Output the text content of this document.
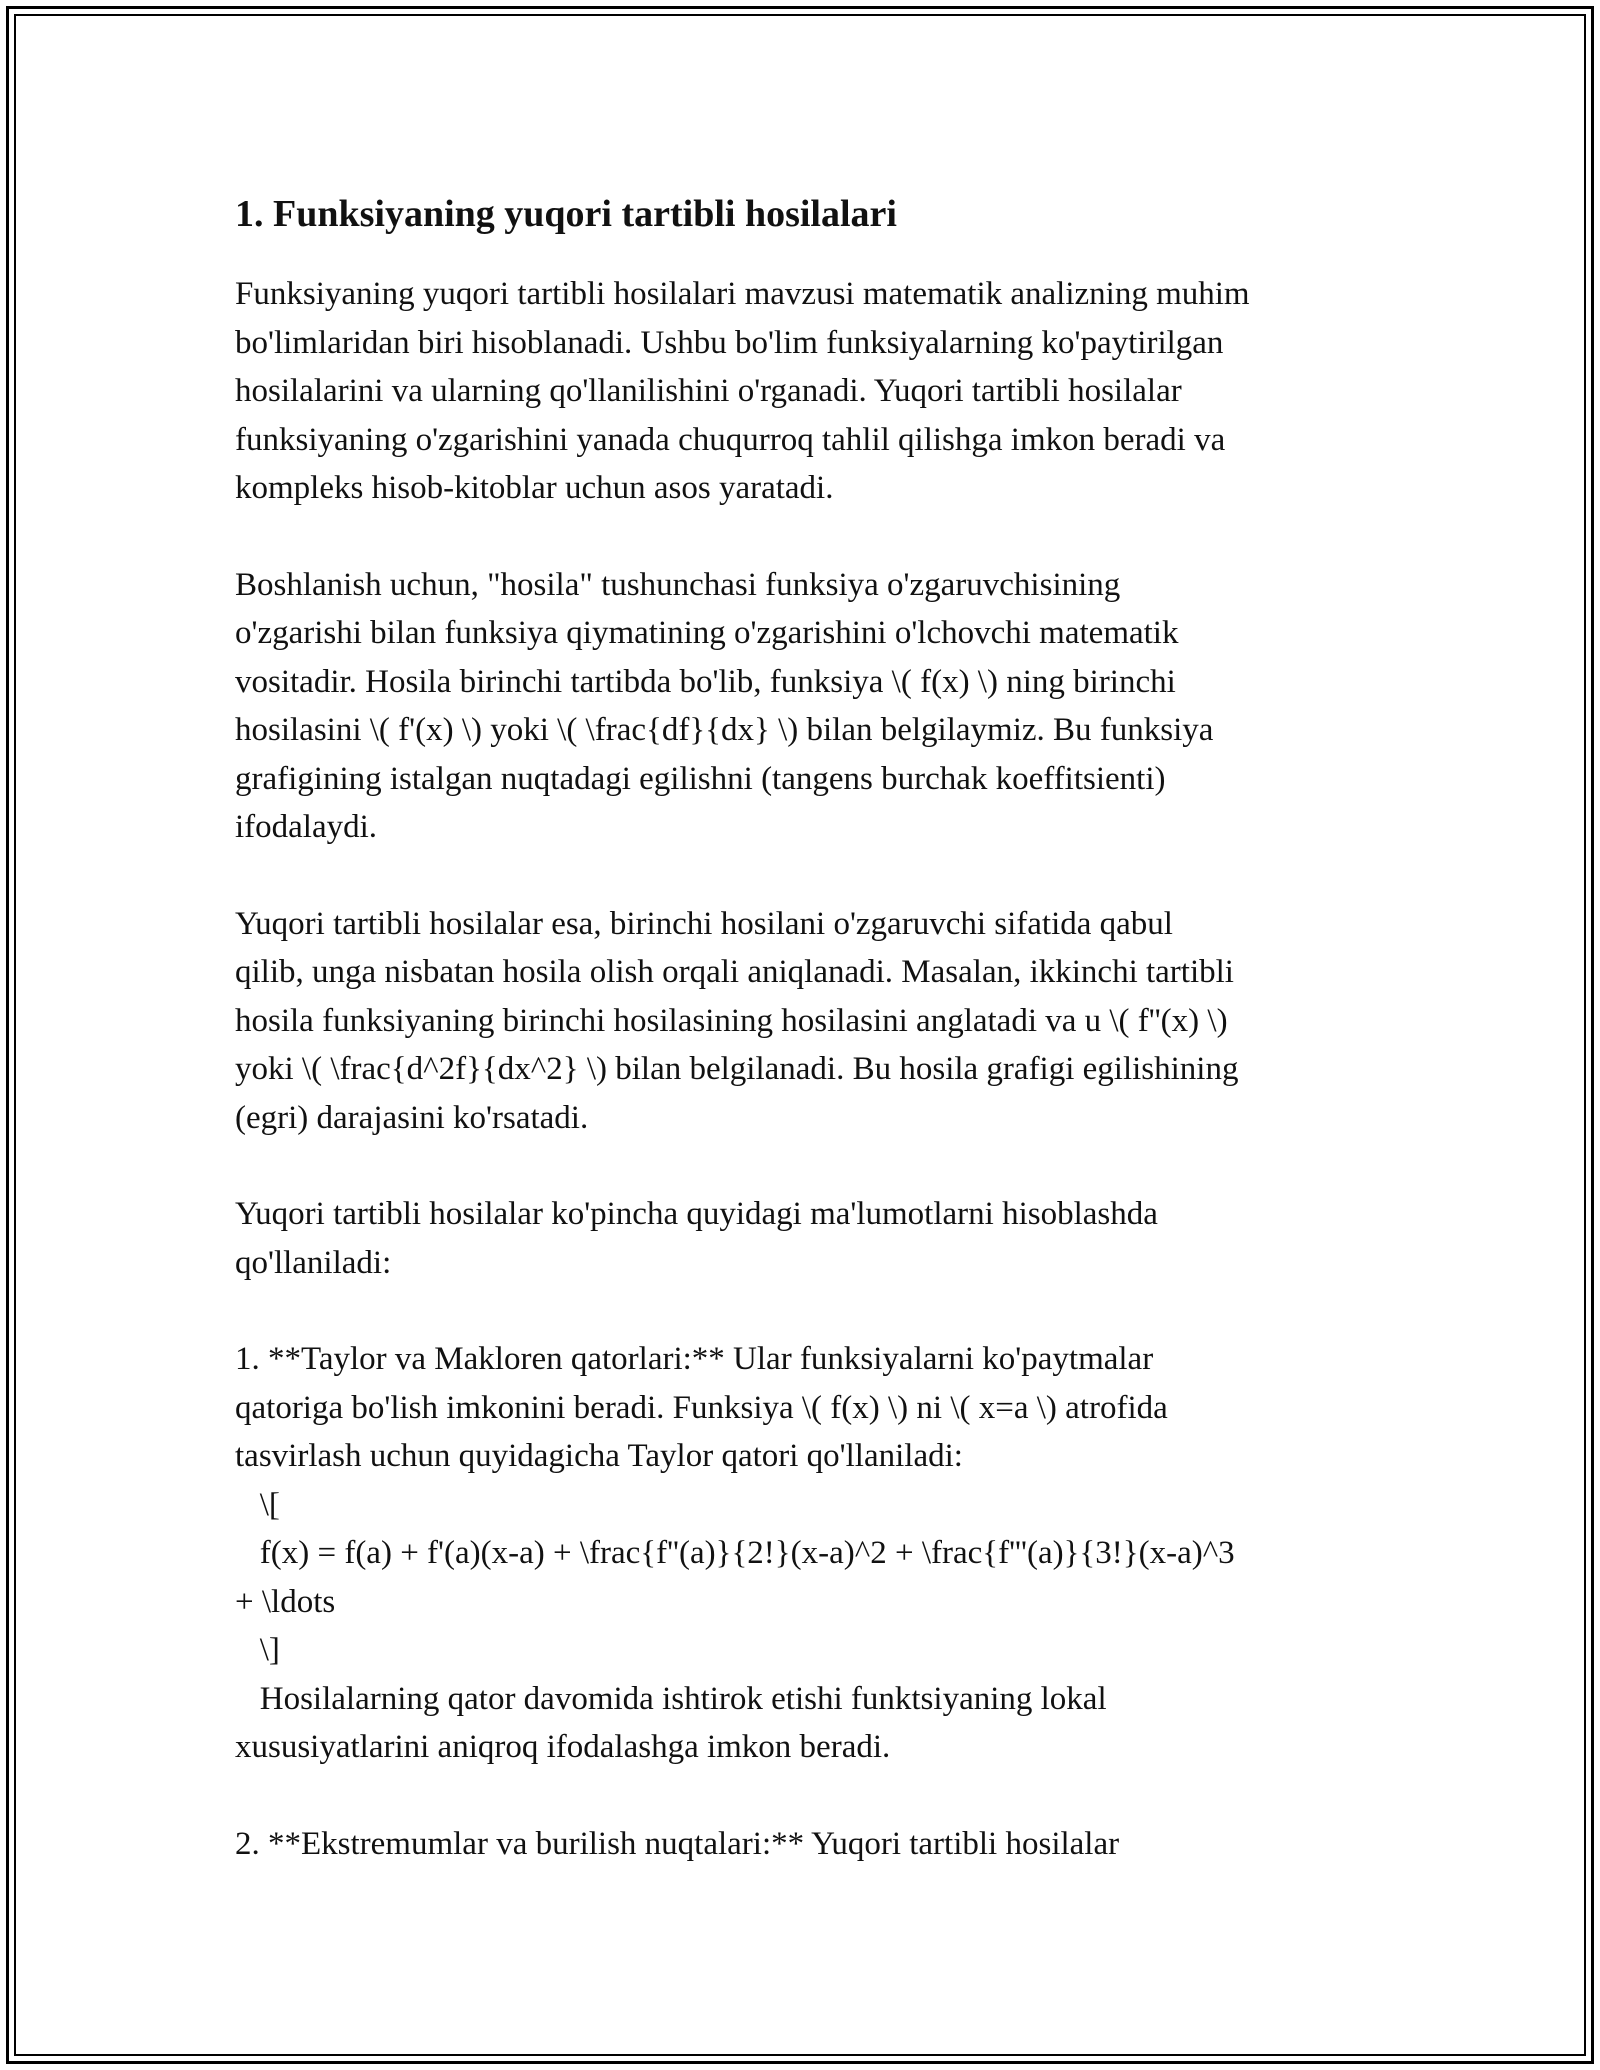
1. Funksiyaning yuqori tartibli hosilalari

Funksiyaning yuqori tartibli hosilalari mavzusi matematik analizning muhim

bo'limlaridan biri hisoblanadi. Ushbu bo'lim funksiyalarning ko'paytirilgan

hosilalarini va ularning qo'llanilishini o'rganadi. Yuqori tartibli hosilalar

funksiyaning o'zgarishini yanada chuqurroq tahlil qilishga imkon beradi va

kompleks hisob-kitoblar uchun asos yaratadi.

Boshlanish uchun, "hosila" tushunchasi funksiya o'zgaruvchisining

o'zgarishi bilan funksiya qiymatining o'zgarishini o'lchovchi matematik

vositadir. Hosila birinchi tartibda bo'lib, funksiya \( f(x) \) ning birinchi

hosilasini \( f'(x) \) yoki \( \frac{df}{dx} \) bilan belgilaymiz. Bu funksiya

grafigining istalgan nuqtadagi egilishni (tangens burchak koeffitsienti)

ifodalaydi.

Yuqori tartibli hosilalar esa, birinchi hosilani o'zgaruvchi sifatida qabul

qilib, unga nisbatan hosila olish orqali aniqlanadi. Masalan, ikkinchi tartibli

hosila funksiyaning birinchi hosilasining hosilasini anglatadi va u \( f''(x) \)

yoki \( \frac{d^2f}{dx^2} \) bilan belgilanadi. Bu hosila grafigi egilishining

(egri) darajasini ko'rsatadi.

Yuqori tartibli hosilalar ko'pincha quyidagi ma'lumotlarni hisoblashda

qo'llaniladi:

1. **Taylor va Makloren qatorlari:** Ular funksiyalarni ko'paytmalar

qatoriga bo'lish imkonini beradi. Funksiya \( f(x) \) ni \( x=a \) atrofida

tasvirlash uchun quyidagicha Taylor qatori qo'llaniladi:

\[

f(x) = f(a) + f'(a)(x-a) + \frac{f''(a)}{2!}(x-a)^2 + \frac{f'''(a)}{3!}(x-a)^3

+ \ldots

\]

Hosilalarning qator davomida ishtirok etishi funktsiyaning lokal

xususiyatlarini aniqroq ifodalashga imkon beradi.

2. **Ekstremumlar va burilish nuqtalari:** Yuqori tartibli hosilalar
